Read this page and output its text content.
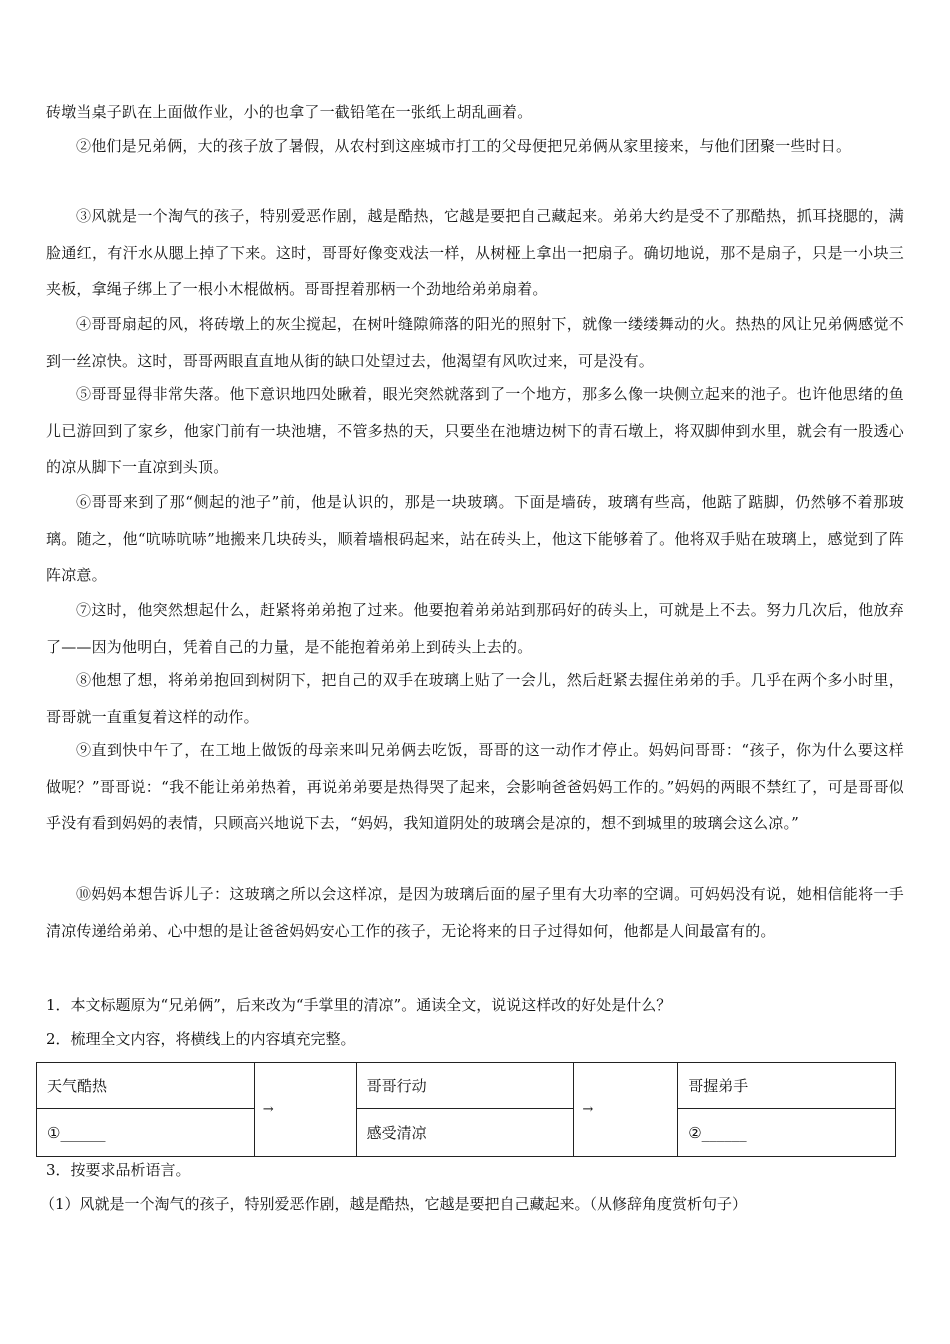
砖墩当桌子趴在上面做作业，小的也拿了一截铅笔在一张纸上胡乱画着。

②他们是兄弟俩，大的孩子放了暑假，从农村到这座城市打工的父母便把兄弟俩从家里接来，与他们团聚一些时日。

③风就是一个淘气的孩子，特别爱恶作剧，越是酷热，它越是要把自己藏起来。弟弟大约是受不了那酷热，抓耳挠腮的，满脸通红，有汗水从腮上掉了下来。这时，哥哥好像变戏法一样，从树桠上拿出一把扇子。确切地说，那不是扇子，只是一小块三夹板，拿绳子绑上了一根小木棍做柄。哥哥捏着那柄一个劲地给弟弟扇着。

④哥哥扇起的风，将砖墩上的灰尘搅起，在树叶缝隙筛落的阳光的照射下，就像一缕缕舞动的火。热热的风让兄弟俩感觉不到一丝凉快。这时，哥哥两眼直直地从街的缺口处望过去，他渴望有风吹过来，可是没有。

⑤哥哥显得非常失落。他下意识地四处瞅着，眼光突然就落到了一个地方，那多么像一块侧立起来的池子。也许他思绪的鱼儿已游回到了家乡，他家门前有一块池塘，不管多热的天，只要坐在池塘边树下的青石墩上，将双脚伸到水里，就会有一股透心的凉从脚下一直凉到头顶。

⑥哥哥来到了那“侧起的池子”前，他是认识的，那是一块玻璃。下面是墙砖，玻璃有些高，他踮了踮脚，仍然够不着那玻璃。随之，他“吭哧吭哧”地搬来几块砖头，顺着墙根码起来，站在砖头上，他这下能够着了。他将双手贴在玻璃上，感觉到了阵阵凉意。

⑦这时，他突然想起什么，赶紧将弟弟抱了过来。他要抱着弟弟站到那码好的砖头上，可就是上不去。努力几次后，他放弃了——因为他明白，凭着自己的力量，是不能抱着弟弟上到砖头上去的。

⑧他想了想，将弟弟抱回到树阴下，把自己的双手在玻璃上贴了一会儿，然后赶紧去握住弟弟的手。几乎在两个多小时里，哥哥就一直重复着这样的动作。

⑨直到快中午了，在工地上做饭的母亲来叫兄弟俩去吃饭，哥哥的这一动作才停止。妈妈问哥哥：“孩子，你为什么要这样做呢？”哥哥说：“我不能让弟弟热着，再说弟弟要是热得哭了起来，会影响爸爸妈妈工作的。”妈妈的两眼不禁红了，可是哥哥似乎没有看到妈妈的表情，只顾高兴地说下去，“妈妈，我知道阴处的玻璃会是凉的，想不到城里的玻璃会这么凉。”

⑩妈妈本想告诉儿子：这玻璃之所以会这样凉，是因为玻璃后面的屋子里有大功率的空调。可妈妈没有说，她相信能将一手清凉传递给弟弟、心中想的是让爸爸妈妈安心工作的孩子，无论将来的日子过得如何，他都是人间最富有的。

1．本文标题原为“兄弟俩”，后来改为“手掌里的清凉”。通读全文，说说这样改的好处是什么？

2．梳理全文内容，将横线上的内容填充完整。

天气酷热	→	哥哥行动	→	哥握弟手
①______		感受清凉		②______

3．按要求品析语言。

（1）风就是一个淘气的孩子，特别爱恶作剧，越是酷热，它越是要把自己藏起来。（从修辞角度赏析句子）
